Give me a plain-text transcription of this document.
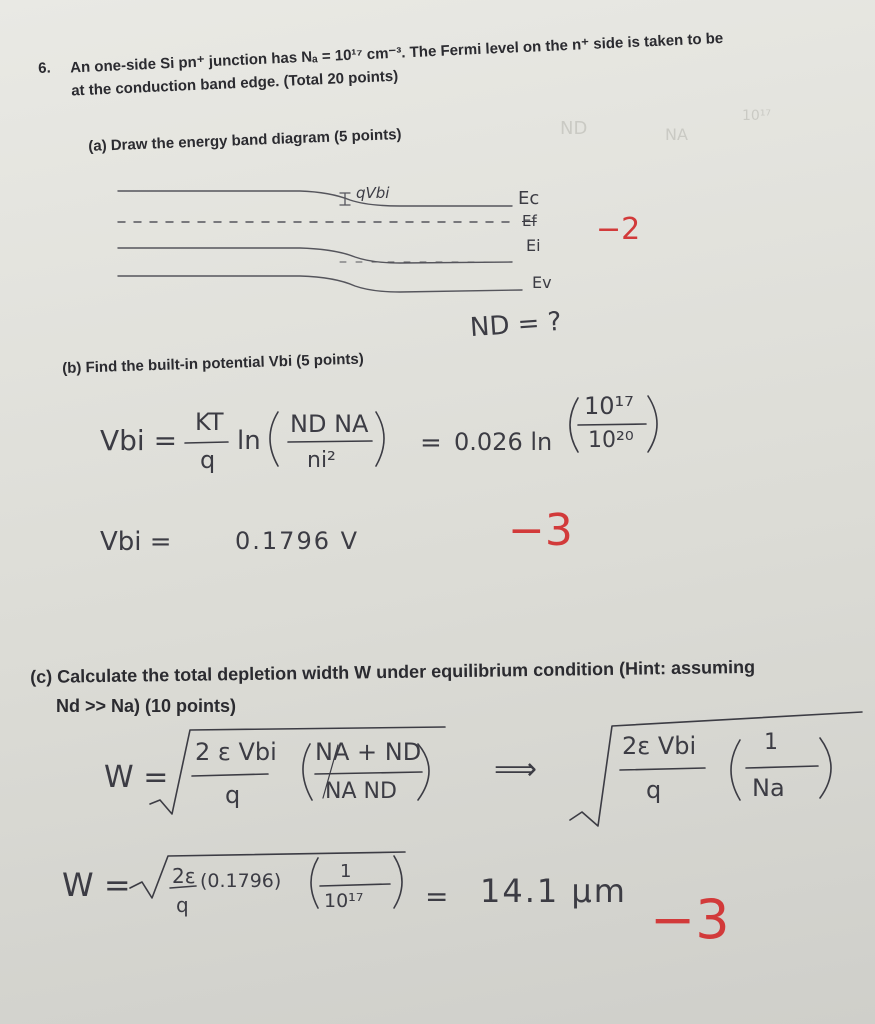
6. An one-side Si pn⁺ junction has Nₐ = 10¹⁷ cm⁻³. The Fermi level on the n⁺ side is taken to be
at the conduction band edge. (Total 20 points)
ND	NA
10¹⁷
(a) Draw the energy band diagram (5 points)
qVbi	Ec
Ef
Ei
Ev
−2
ND = ?
(b) Find the built-in potential Vbi (5 points)
Vbi =
KT
q
ln
ND NA
ni²
= 0.026 ln
10¹⁷
10²⁰
Vbi =	0.1796 V	−3
(c) Calculate the total depletion width W under equilibrium condition (Hint: assuming
Nd >> Na) (10 points)
W =
2 ε Vbi
q
NA + ND
NA ND
⟹
2ε Vbi
q
1
Na
W = 2ε (0.1796)
q
1
10¹⁷ = 14.1 μm −3
